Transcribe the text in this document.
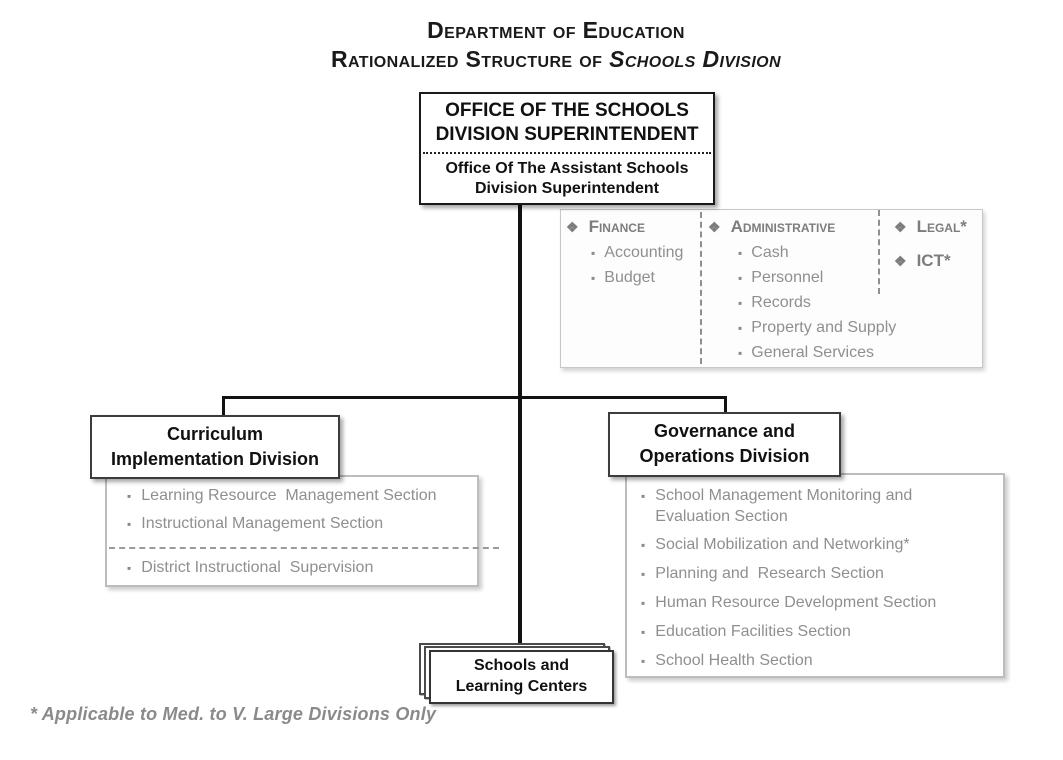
Department of Education
Rationalized Structure of Schools Division
OFFICE OF THE SCHOOLS DIVISION SUPERINTENDENT
Office Of The Assistant Schools Division Superintendent
❖ Finance
▪ Accounting
▪ Budget
❖ Administrative
▪ Cash
▪ Personnel
▪ Records
▪ Property and Supply
▪ General Services
❖ Legal*
❖ ICT*
Curriculum
Implementation Division
▪ Learning Resource  Management Section
▪ Instructional Management Section
▪ District Instructional  Supervision
Governance and
Operations Division
▪ School Management Monitoring and Evaluation Section
▪ Social Mobilization and Networking*
▪ Planning and  Research Section
▪ Human Resource Development Section
▪ Education Facilities Section
▪ School Health Section
Schools and
Learning Centers
* Applicable to Med. to V. Large Divisions Only
